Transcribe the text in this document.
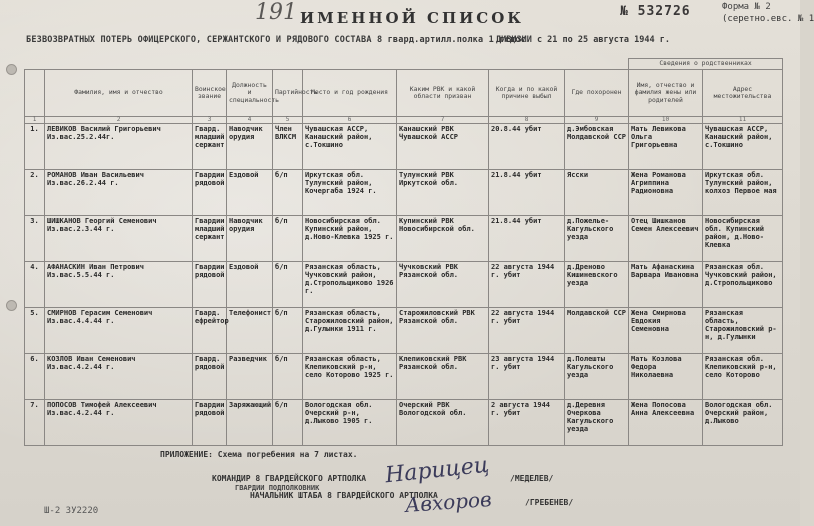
191 ИМЕННОЙ СПИСОК	№ 532726	Форма № 2
(серетно.евс. № 1
БЕЗВОЗВРАТНЫХ ПОТЕРЬ ОФИЦЕРСКОГО, СЕРЖАНТСКОГО И РЯДОВОГО СОСТАВА 8 гвард.артилл.полка 1 гсдос
ДИВИЗИИ с 21 по 25 августа 1944 г.
									Сведения о родственниках	
	Фамилия, имя и отчество	Воинское звание	Должность и специальность	Партийность	Место и год рождения	Каким РВК и какой области призван	Когда и по какой причине выбыл	Где похоронен	Имя, отчество и фамилия жены или родителей	Адрес местожительства
1	2	3	4	5	6	7	8	9	10	11
1.	ЛЕВИКОВ Василий Григорьевич Из.вас.25.2.44г.	Гвард. младший сержант	Наводчик орудия	Член ВЛКСМ	Чувашская АССР, Канашский район, с.Токшино	Канашский РВК Чувашской АССР	20.8.44 убит	д.Эмбовская Молдавской ССР	Мать Левикова Ольга Григорьевна	Чувашская АССР, Канашский район, с.Токшино
2.	РОМАНОВ Иван Васильевич Из.вас.26.2.44 г.	Гвардии рядовой	Ездовой	б/п	Иркутская обл. Тулунский район, Кочергаба 1924 г.	Тулунский РВК Иркутской обл.	21.8.44 убит	Ясски	Жена Романова Агриппина Радионовна	Иркутская обл. Тулунский район, колхоз Первое мая
3.	ШИШКАНОВ Георгий Семенович Из.вас.2.3.44 г.	Гвардии младший сержант	Наводчик орудия	б/п	Новосибирская обл. Купинский район, д.Ново-Клевка 1925 г.	Купинский РВК Новосибирской обл.	21.8.44 убит	д.Пожелье-Кагульского уезда	Отец Шишканов Семен Алексеевич	Новосибирская обл. Купинский район, д.Ново-Клевка
4.	АФАНАСКИН Иван Петрович Из.вас.5.5.44 г.	Гвардии рядовой	Ездовой	б/п	Рязанская область, Чучковский район, д.Стропольщиково 1926 г.	Чучковский РВК Рязанской обл.	22 августа 1944 г. убит	д.Дреново Кишиневского уезда	Мать Афанаскина Варвара Ивановна	Рязанская обл. Чучковский район, д.Стропольщиково
5.	СМИРНОВ Герасим Семенович Из.вас.4.4.44 г.	Гвард. ефрейтор	Телефонист	б/п	Рязанская область, Старожиловский район, д.Гулынки 1911 г.	Старожиловский РВК Рязанской обл.	22 августа 1944 г. убит	Молдавской ССР	Жена Смирнова Евдокия Семеновна	Рязанская область, Старожиловский р-н, д.Гулынки
6.	КОЗЛОВ Иван Семенович Из.вас.4.2.44 г.	Гвард. рядовой	Разведчик	б/п	Рязанская область, Клепиковский р-н, село Которово 1925 г.	Клепиковский РВК Рязанской обл.	23 августа 1944 г. убит	д.Полешты Кагульского уезда	Мать Козлова Федора Николаевна	Рязанская обл. Клепиковский р-н, село Которово
7.	ПОПОСОВ Тимофей Алексеевич Из.вас.4.2.44 г.	Гвардии рядовой	Заряжающий	б/п	Вологодская обл. Очерский р-н, д.Лыково 1905 г.	Очерский РВК Вологодской обл.	2 августа 1944 г. убит	д.Деревня Очеркова Кагульского уезда	Жена Попосова Анна Алексеевна	Вологодская обл. Очерский район, д.Лыково
ПРИЛОЖЕНИЕ: Схема погребения на 7 листах.
КОМАНДИР 8 ГВАРДЕЙСКОГО АРТПОЛКА	/МЕДЕЛЕВ/
ГВАРДИИ ПОДПОЛКОВНИК
НАЧАЛЬНИК ШТАБА 8 ГВАРДЕЙСКОГО АРТПОЛКА
/ГРЕБЕНЕВ/
Нарицец
Авхоров
Ш-2 ЗУ2220
